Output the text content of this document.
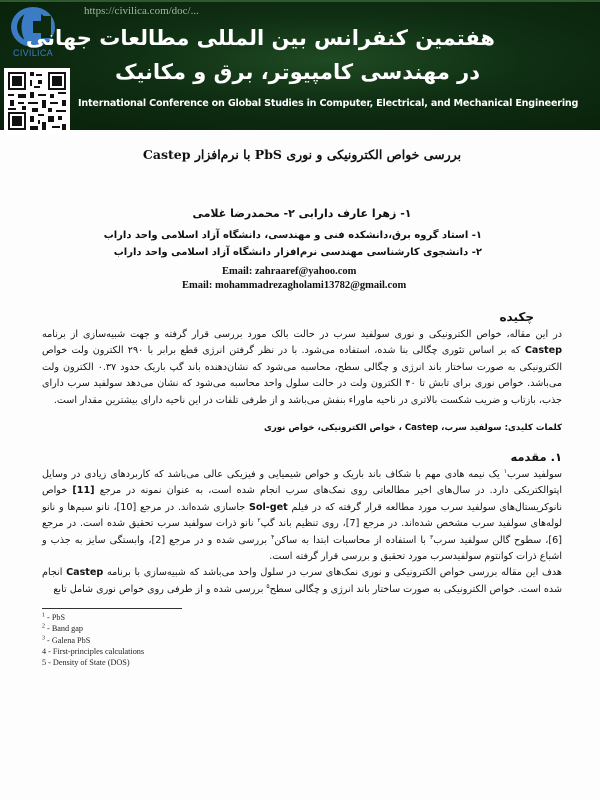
CIVILICA
https://civilica.com/doc/...
هفتمین کنفرانس بین المللی مطالعات جهانی
در مهندسی کامپیوتر، برق و مکانیک
International Conference on Global Studies in Computer, Electrical, and Mechanical Engineering
بررسی خواص الکترونیکی و نوری PbS با نرم‌افزار Castep
۱- زهرا عارف دارابی ۲- محمدرضا غلامی
۱- استاد گروه برق،دانشکده فنی و مهندسی، دانشگاه آزاد اسلامی واحد داراب
۲- دانشجوی کارشناسی مهندسی نرم‌افزار دانشگاه آزاد اسلامی واحد داراب
Email: zahraaref@yahoo.com
Email: mohammadrezagholami13782@gmail.com
چکیده
در این مقاله، خواص الکترونیکی و نوری سولفید سرب در حالت بالک مورد بررسی قرار گرفته و جهت شبیه‌سازی از برنامه Castep که بر اساس تئوری چگالی بنا شده، استفاده می‌شود. با در نظر گرفتن انرژی قطع برابر با ۲۹۰ الکترون ولت خواص الکترونیکی به صورت ساختار باند انرژی و چگالی سطح، محاسبه می‌شود که نشان‌دهنده باند گپ باریک حدود ۰.۳۷ الکترون ولت می‌باشد. خواص نوری برای تابش تا ۴۰ الکترون ولت در حالت سلول واحد محاسبه می‌شود که نشان می‌دهد سولفید سرب دارای جذب، بازتاب و ضریب شکست بالاتری در ناحیه ماوراء بنفش می‌باشد و از طرفی تلفات در این ناحیه دارای بیشترین مقدار است.
کلمات کلیدی: سولفید سرب، Castep ، خواص الکترونیکی، خواص نوری
۱. مقدمه
سولفید سرب$^۱$ یک نیمه هادی مهم با شکاف باند باریک و خواص شیمیایی و فیزیکی عالی می‌باشد که کاربردهای زیادی در وسایل اپتوالکتریکی دارد. در سال‌های اخیر مطالعاتی روی نمک‌های سرب انجام شده است، به عنوان نمونه در مرجع [11] خواص نانوکریستال‌های سولفید سرب مورد مطالعه قرار گرفته که در فیلم Sol-get جاسازی شده‌اند. در مرجع [10]، نانو سیم‌ها و نانو لوله‌های سولفید سرب مشخص شده‌اند. در مرجع [7]، روی تنظیم باند گپ$^۲$ نانو ذرات سولفید سرب تحقیق شده است. در مرجع [6]، سطوح گالن سولفید سرب$^۳$ با استفاده از محاسبات ابتدا به ساکن$^۴$ بررسی شده و در مرجع [2]، وابستگی سایز به جذب و اشباع ذرات کوانتوم سولفیدسرب مورد تحقیق و بررسی قرار گرفته است.
هدف این مقاله بررسی خواص الکترونیکی و نوری نمک‌های سرب در سلول واحد می‌باشد که شبیه‌سازی با برنامه Castep انجام شده است. خواص الکترونیکی به صورت ساختار باند انرژی و چگالی سطح$^۵$ بررسی شده و از طرفی روی خواص نوری شامل تابع
$^1$ - PbS
$^2$ - Band gap
$^3$ - Galena PbS
4 - First-principles calculations
5 - Density of State (DOS)
